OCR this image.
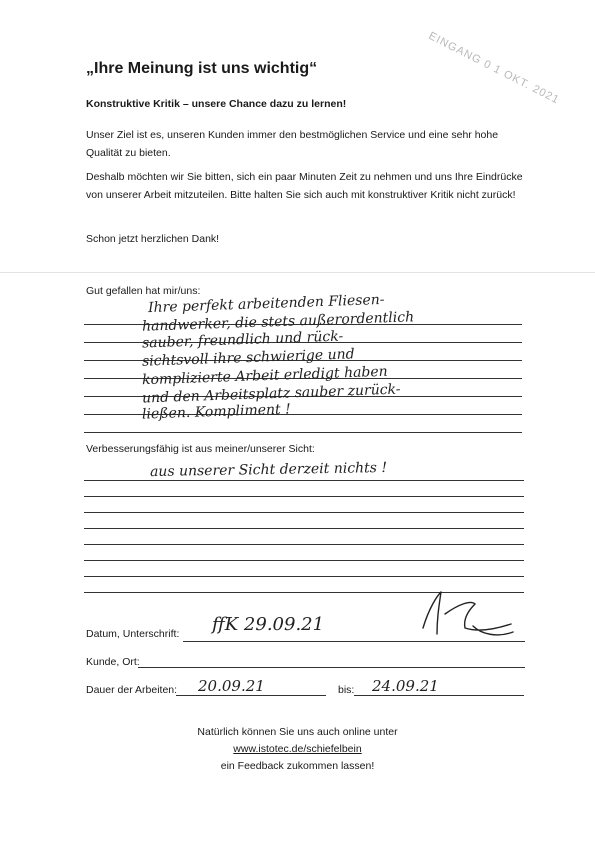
EINGANG 0 1 OKT. 2021
„Ihre Meinung ist uns wichtig“
Konstruktive Kritik – unsere Chance dazu zu lernen!
Unser Ziel ist es, unseren Kunden immer den bestmöglichen Service und eine sehr hohe Qualität zu bieten.
Deshalb möchten wir Sie bitten, sich ein paar Minuten Zeit zu nehmen und uns Ihre Eindrücke von unserer Arbeit mitzuteilen. Bitte halten Sie sich auch mit konstruktiver Kritik nicht zurück!
Schon jetzt herzlichen Dank!
Gut gefallen hat mir/uns:
Ihre perfekt arbeitenden Fliesen-
handwerker, die stets außerordentlich
sauber, freundlich und rück-
sichtsvoll ihre schwierige und
komplizierte Arbeit erledigt haben
und den Arbeitsplatz sauber zurück-
ließen. Kompliment !
Verbesserungsfähig ist aus meiner/unserer Sicht:
aus unserer Sicht derzeit nichts !
Datum, Unterschrift: ffK 29.09.21
Kunde, Ort:
Dauer der Arbeiten: 20.09.21	bis: 24.09.21
Natürlich können Sie uns auch online unter
www.istotec.de/schiefelbein
ein Feedback zukommen lassen!
